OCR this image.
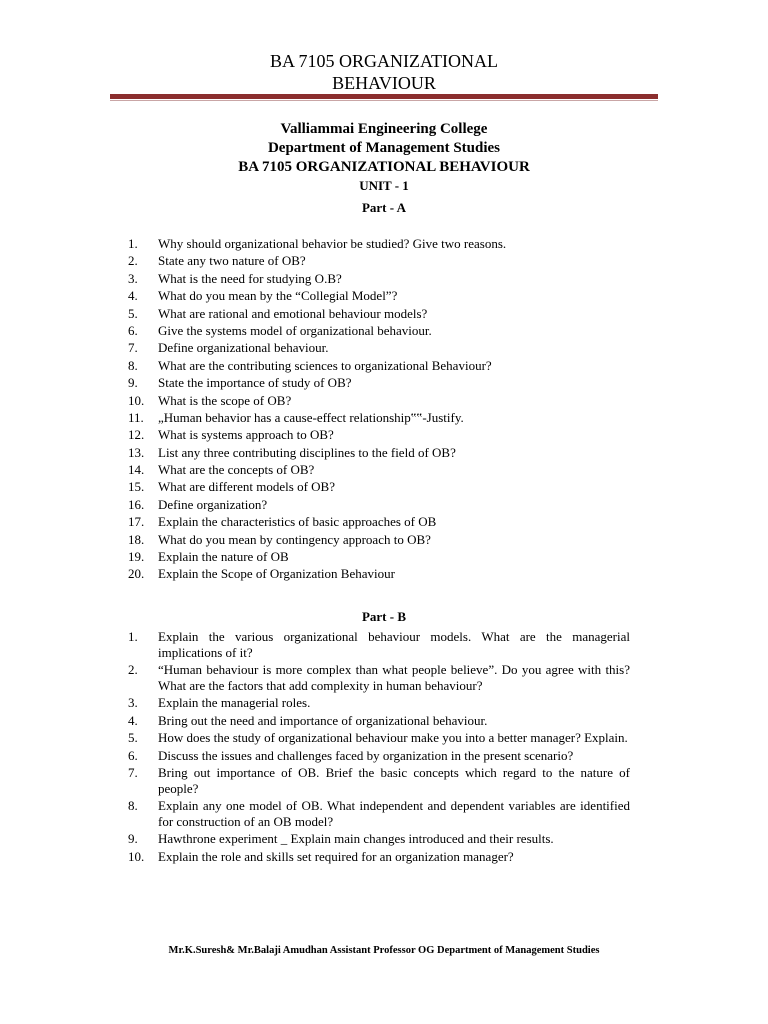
BA 7105 ORGANIZATIONAL
BEHAVIOUR
Valliammai Engineering College
Department of Management Studies
BA 7105 ORGANIZATIONAL BEHAVIOUR
UNIT - 1
Part - A
1.	Why should organizational behavior be studied? Give two reasons.
2.	State any two nature of OB?
3.	What is the need for studying O.B?
4.	What do you mean by the “Collegial Model”?
5.	What are rational and emotional behaviour models?
6.	Give the systems model of organizational behaviour.
7.	Define organizational behaviour.
8.	What are the contributing sciences to organizational Behaviour?
9.	State the importance of study of OB?
10.	What is the scope of OB?
11.	„Human behavior has a cause-effect relationship‟‟-Justify.
12.	What is systems approach to OB?
13.	List any three contributing disciplines to the field of OB?
14.	What are the concepts of OB?
15.	What are different models of OB?
16.	Define organization?
17.	Explain the characteristics of basic approaches of OB
18.	What do you mean by contingency approach to OB?
19.	Explain the nature of OB
20.	Explain the Scope of Organization Behaviour
Part - B
1.	Explain the various organizational behaviour models. What are the managerial implications of it?
2.	“Human behaviour is more complex than what people believe”. Do you agree with this? What are the factors that add complexity in human behaviour?
3.	Explain the managerial roles.
4.	Bring out the need and importance of organizational behaviour.
5.	How does the study of organizational behaviour make you into a better manager? Explain.
6.	Discuss the issues and challenges faced by organization in the present scenario?
7.	Bring out importance of OB. Brief the basic concepts which regard to the nature of people?
8.	Explain any one model of OB. What independent and dependent variables are identified for construction of an OB model?
9.	Hawthrone experiment _ Explain main changes introduced and their results.
10.	Explain the role and skills set required for an organization manager?
Mr.K.Suresh& Mr.Balaji Amudhan Assistant Professor OG Department of Management Studies
